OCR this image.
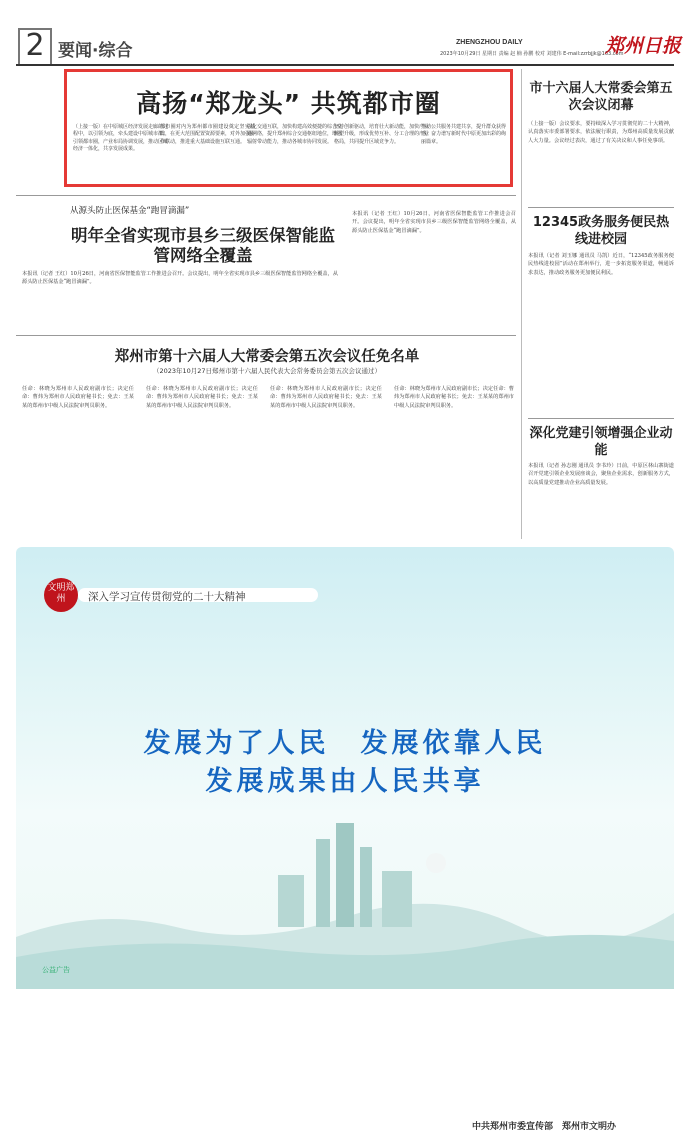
2 要闻·综合	ZHENGZHOU DAILY
2023年10月29日 星期日 责编 赵 楠 孙鹏 校对 刘建伟 E-mail:zzrbjjk@163.com
郑州日报
高扬“郑龙头” 共筑都市圈
（上接一版）在中原城区经济发展走廊的过程中，以引领为底，牵头建设中原城市群，引领都市圈，产业布局协调发展，推动区域经济一体化，共享发展成果。
都市圈对内为郑州都市圈建设奠定坚实基础，在更大范围配置资源要素，对外加强协作联动，推进重大基础设施互联互通。
强化交通互联，加快构建高效便捷的综合交通网络，提升郑州综合交通枢纽地位，增强辐射带动能力，推动各城市协同发展。
坚持创新驱动，培育壮大新动能，加快产业转型升级，形成优势互补、分工合理的产业格局，共同提升区域竞争力。
推动公共服务共建共享，提升群众获得感，奋力谱写新时代中原更加出彩的绚丽篇章。
市十六届人大常委会第五次会议闭幕
（上接一版）会议要求，要持续深入学习贯彻党的二十大精神，认真落实市委部署要求，依法履行职责，为郑州高质量发展贡献人大力量。会议经过表决，通过了有关决议和人事任免事项。
从源头防止医保基金“跑冒滴漏”
明年全省实现市县乡三级医保智能监管网络全覆盖
本报讯（记者 王红）10月26日，河南省医保智能监管工作推进会召开。会议提出，明年全省实现市县乡三级医保智能监管网络全覆盖，从源头防止医保基金“跑冒滴漏”。
本报讯（记者 王红）10月26日，河南省医保智能监管工作推进会召开。会议提出，明年全省实现市县乡三级医保智能监管网络全覆盖，从源头防止医保基金“跑冒滴漏”。
12345政务服务便民热线进校园
本报讯（记者 刘玉娜 通讯员 马凯）近日，“12345政务服务便民热线进校园”活动在郑州举行，进一步拓宽服务渠道，畅通诉求表达，推动政务服务更加便民利民。
郑州市第十六届人大常委会第五次会议任免名单
（2023年10月27日郑州市第十六届人民代表大会常务委员会第五次会议通过）
任命：林晓为郑州市人民政府副市长；决定任命：曹炜为郑州市人民政府秘书长；免去：王某某的郑州市中级人民法院审判员职务。
任命：林晓为郑州市人民政府副市长；决定任命：曹炜为郑州市人民政府秘书长；免去：王某某的郑州市中级人民法院审判员职务。
任命：林晓为郑州市人民政府副市长；决定任命：曹炜为郑州市人民政府秘书长；免去：王某某的郑州市中级人民法院审判员职务。
任命：林晓为郑州市人民政府副市长；决定任命：曹炜为郑州市人民政府秘书长；免去：王某某的郑州市中级人民法院审判员职务。
深化党建引领增强企业动能
本报讯（记者 孙志刚 通讯员 李书玲）日前，中原区林山寨街道召开党建引领企业发展座谈会，聚焦企业需求，创新服务方式，以高质量党建推动企业高质量发展。
文明郑州	深入学习宣传贯彻党的二十大精神
发展为了人民　发展依靠人民
发展成果由人民共享
中共郑州市委宣传部　郑州市文明办
公益广告
